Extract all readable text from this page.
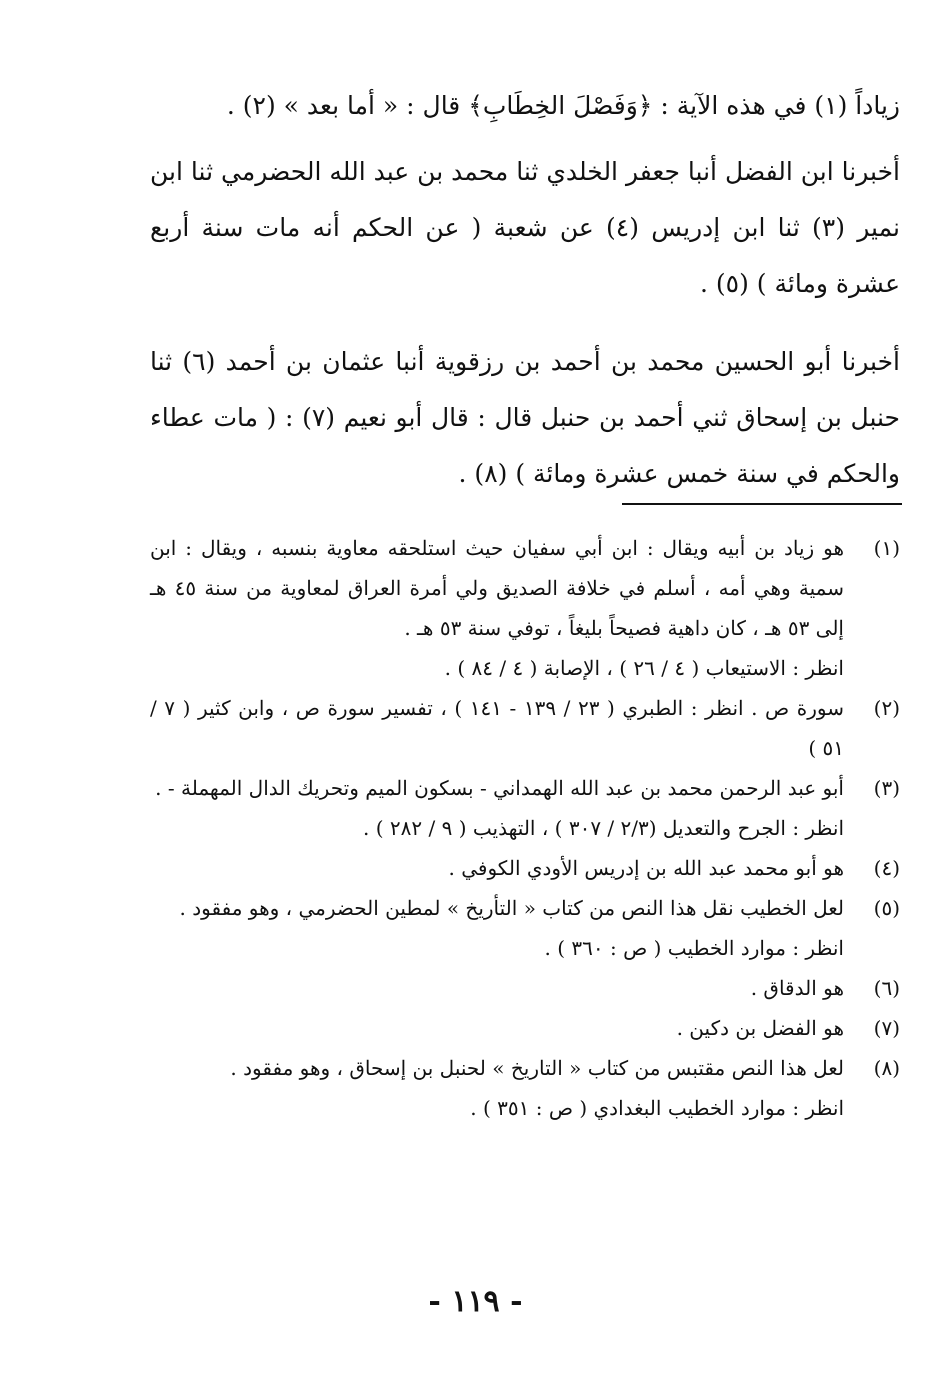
زياداً (١) في هذه الآية : ﴿وَفَصْلَ الخِطَابِ﴾ قال : « أما بعد » (٢) .

أخبرنا ابن الفضل أنبا جعفر الخلدي ثنا محمد بن عبد الله الحضرمي ثنا ابن نمير (٣) ثنا ابن إدريس (٤) عن شعبة ( عن الحكم أنه مات سنة أربع عشرة ومائة ) (٥) .

أخبرنا أبو الحسين محمد بن أحمد بن رزقوية أنبا عثمان بن أحمد (٦) ثنا حنبل بن إسحاق ثني أحمد بن حنبل قال : قال أبو نعيم (٧) : ( مات عطاء والحكم في سنة خمس عشرة ومائة ) (٨) .

(١)
هو زياد بن أبيه ويقال : ابن أبي سفيان حيث استلحقه معاوية بنسبه ، ويقال : ابن سمية وهي أمه ، أسلم في خلافة الصديق ولي أمرة العراق لمعاوية من سنة ٤٥ هـ إلى ٥٣ هـ ، كان داهية فصيحاً بليغاً ، توفي سنة ٥٣ هـ .
انظر : الاستيعاب ( ٤ / ٢٦ ) ، الإصابة ( ٤ / ٨٤ ) .
(٢)
سورة ص . انظر : الطبري ( ٢٣ / ١٣٩ - ١٤١ ) ، تفسير سورة ص ، وابن كثير ( ٧ / ٥١ )
(٣)
أبو عبد الرحمن محمد بن عبد الله الهمداني - بسكون الميم وتحريك الدال المهملة - .
انظر : الجرح والتعديل (٢/٣ / ٣٠٧ ) ، التهذيب ( ٩ / ٢٨٢ ) .
(٤)
هو أبو محمد عبد الله بن إدريس الأودي الكوفي .
(٥)
لعل الخطيب نقل هذا النص من كتاب « التأريخ » لمطين الحضرمي ، وهو مفقود .
انظر : موارد الخطيب ( ص : ٣٦٠ ) .
(٦)
هو الدقاق .
(٧)
هو الفضل بن دكين .
(٨)
لعل هذا النص مقتبس من كتاب « التاريخ » لحنبل بن إسحاق ، وهو مفقود .
انظر : موارد الخطيب البغدادي ( ص : ٣٥١ ) .
- ١١٩ -
